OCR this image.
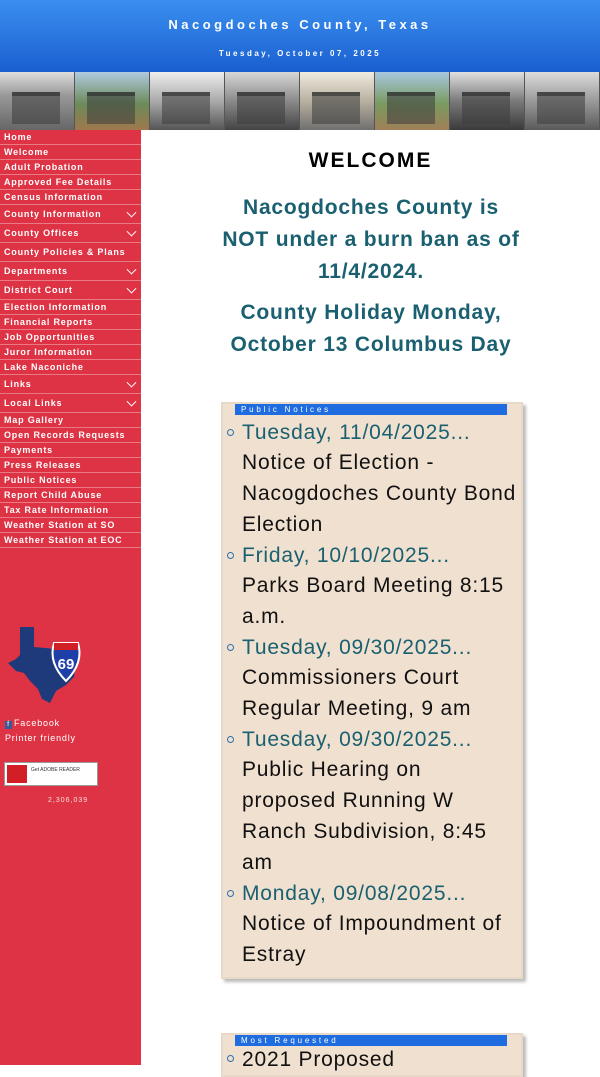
Nacogdoches County, Texas
Tuesday, October 07, 2025
Home
Welcome
Adult Probation
Approved Fee Details
Census Information
County Information
County Offices
County Policies & Plans
Departments
District Court
Election Information
Financial Reports
Job Opportunities
Juror Information
Lake Naconiche
Links
Local Links
Map Gallery
Open Records Requests
Payments
Press Releases
Public Notices
Report Child Abuse
Tax Rate Information
Weather Station at SO
Weather Station at EOC
69
f Facebook
Printer friendly
Get ADOBE READER
2,306,039
WELCOME
Nacogdoches County is NOT under a burn ban as of 11/4/2024.
County Holiday Monday, October 13 Columbus Day
Public Notices
Tuesday, 11/04/2025...
Notice of Election - Nacogdoches County Bond Election
Friday, 10/10/2025...
Parks Board Meeting 8:15 a.m.
Tuesday, 09/30/2025...
Commissioners Court Regular Meeting, 9 am
Tuesday, 09/30/2025...
Public Hearing on proposed Running W Ranch Subdivision, 8:45 am
Monday, 09/08/2025...
Notice of Impoundment of Estray
Most Requested
2021 Proposed
